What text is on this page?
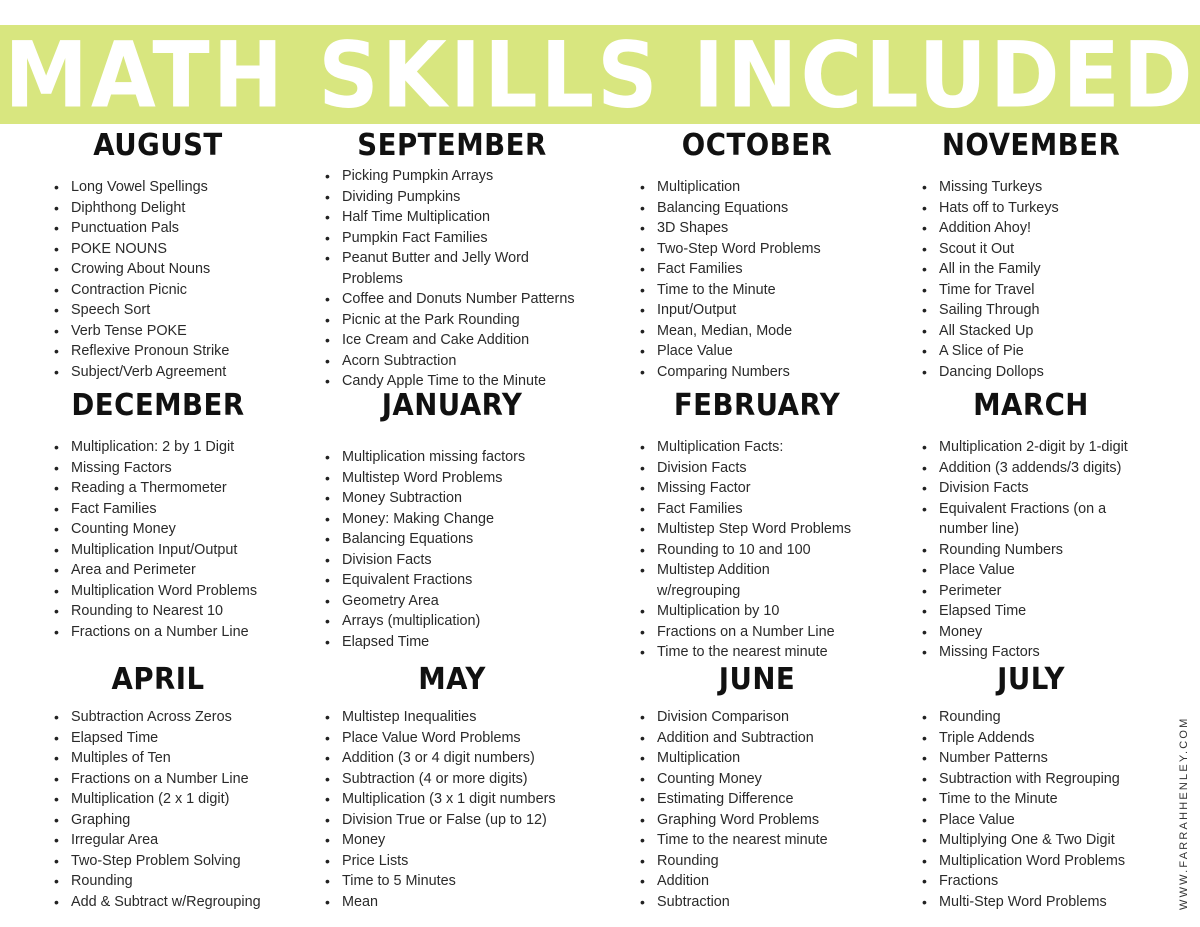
MATH SKILLS INCLUDED
AUGUST
• Long Vowel Spellings
• Diphthong Delight
• Punctuation Pals
• POKE NOUNS
• Crowing About Nouns
• Contraction Picnic
• Speech Sort
• Verb Tense POKE
• Reflexive Pronoun Strike
• Subject/Verb Agreement
SEPTEMBER
• Picking Pumpkin Arrays
• Dividing Pumpkins
• Half Time Multiplication
• Pumpkin Fact Families
• Peanut Butter and Jelly Word Problems
• Coffee and Donuts Number Patterns
• Picnic at the Park Rounding
• Ice Cream and Cake Addition
• Acorn Subtraction
• Candy Apple Time to the Minute
OCTOBER
• Multiplication
• Balancing Equations
• 3D Shapes
• Two-Step Word Problems
• Fact Families
• Time to the Minute
• Input/Output
• Mean, Median, Mode
• Place Value
• Comparing Numbers
NOVEMBER
• Missing Turkeys
• Hats off to Turkeys
• Addition Ahoy!
• Scout it Out
• All in the Family
• Time for Travel
• Sailing Through
• All Stacked Up
• A Slice of Pie
• Dancing Dollops
DECEMBER
• Multiplication: 2 by 1 Digit
• Missing Factors
• Reading a Thermometer
• Fact Families
• Counting Money
• Multiplication Input/Output
• Area and Perimeter
• Multiplication Word Problems
• Rounding to Nearest 10
• Fractions on a Number Line
JANUARY
• Multiplication missing factors
• Multistep Word Problems
• Money Subtraction
• Money: Making Change
• Balancing Equations
• Division Facts
• Equivalent Fractions
• Geometry Area
• Arrays (multiplication)
• Elapsed Time
FEBRUARY
• Multiplication Facts:
• Division Facts
• Missing Factor
• Fact Families
• Multistep Step Word Problems
• Rounding to 10 and 100
• Multistep Addition w/regrouping
• Multiplication by 10
• Fractions on a Number Line
• Time to the nearest minute
MARCH
• Multiplication 2-digit by 1-digit
• Addition (3 addends/3 digits)
• Division Facts
• Equivalent Fractions (on a number line)
• Rounding Numbers
• Place Value
• Perimeter
• Elapsed Time
• Money
• Missing Factors
APRIL
• Subtraction Across Zeros
• Elapsed Time
• Multiples of Ten
• Fractions on a Number Line
• Multiplication (2 x 1 digit)
• Graphing
• Irregular Area
• Two-Step Problem Solving
• Rounding
• Add & Subtract w/Regrouping
MAY
• Multistep Inequalities
• Place Value Word Problems
• Addition (3 or 4 digit numbers)
• Subtraction (4 or more digits)
• Multiplication (3 x 1 digit numbers
• Division True or False (up to 12)
• Money
• Price Lists
• Time to 5 Minutes
• Mean
JUNE
• Division Comparison
• Addition and Subtraction
• Multiplication
• Counting Money
• Estimating Difference
• Graphing Word Problems
• Time to the nearest minute
• Rounding
• Addition
• Subtraction
JULY
• Rounding
• Triple Addends
• Number Patterns
• Subtraction with Regrouping
• Time to the Minute
• Place Value
• Multiplying One & Two Digit
• Multiplication Word Problems
• Fractions
• Multi-Step Word Problems	WWW.FARRAHHENLEY.COM
